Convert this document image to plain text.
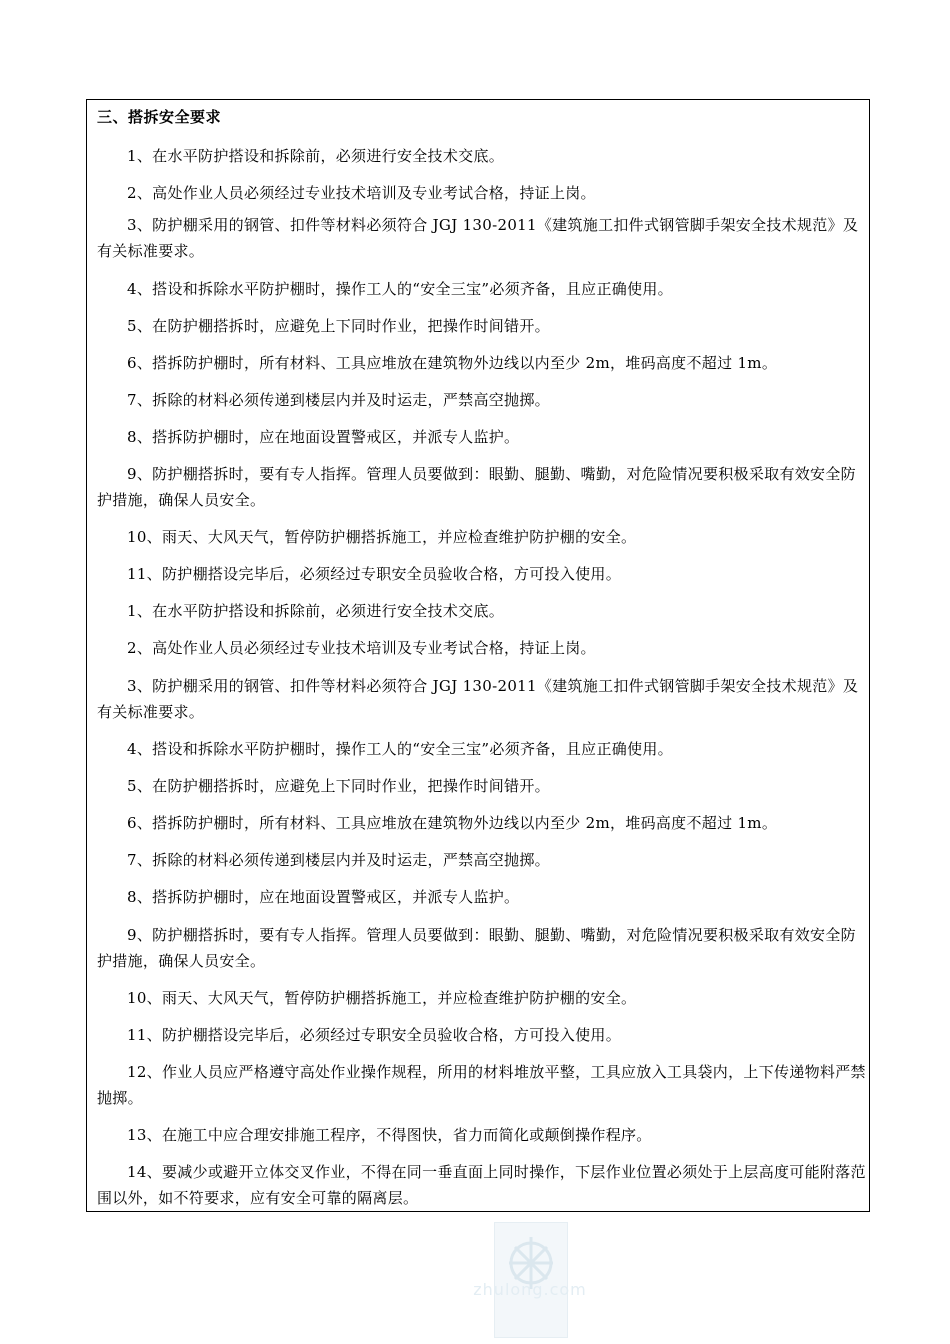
三、搭拆安全要求
1、在水平防护搭设和拆除前，必须进行安全技术交底。
2、高处作业人员必须经过专业技术培训及专业考试合格，持证上岗。
3、防护棚采用的钢管、扣件等材料必须符合 JGJ 130-2011《建筑施工扣件式钢管脚手架安全技术规范》及有关标准要求。
4、搭设和拆除水平防护棚时，操作工人的“安全三宝”必须齐备，且应正确使用。
5、在防护棚搭拆时，应避免上下同时作业，把操作时间错开。
6、搭拆防护棚时，所有材料、工具应堆放在建筑物外边线以内至少 2m，堆码高度不超过 1m。
7、拆除的材料必须传递到楼层内并及时运走，严禁高空抛掷。
8、搭拆防护棚时，应在地面设置警戒区，并派专人监护。
9、防护棚搭拆时，要有专人指挥。管理人员要做到：眼勤、腿勤、嘴勤，对危险情况要积极采取有效安全防护措施，确保人员安全。
10、雨天、大风天气，暂停防护棚搭拆施工，并应检查维护防护棚的安全。
11、防护棚搭设完毕后，必须经过专职安全员验收合格，方可投入使用。
1、在水平防护搭设和拆除前，必须进行安全技术交底。
2、高处作业人员必须经过专业技术培训及专业考试合格，持证上岗。
3、防护棚采用的钢管、扣件等材料必须符合 JGJ 130-2011《建筑施工扣件式钢管脚手架安全技术规范》及有关标准要求。
4、搭设和拆除水平防护棚时，操作工人的“安全三宝”必须齐备，且应正确使用。
5、在防护棚搭拆时，应避免上下同时作业，把操作时间错开。
6、搭拆防护棚时，所有材料、工具应堆放在建筑物外边线以内至少 2m，堆码高度不超过 1m。
7、拆除的材料必须传递到楼层内并及时运走，严禁高空抛掷。
8、搭拆防护棚时，应在地面设置警戒区，并派专人监护。
9、防护棚搭拆时，要有专人指挥。管理人员要做到：眼勤、腿勤、嘴勤，对危险情况要积极采取有效安全防护措施，确保人员安全。
10、雨天、大风天气，暂停防护棚搭拆施工，并应检查维护防护棚的安全。
11、防护棚搭设完毕后，必须经过专职安全员验收合格，方可投入使用。
12、作业人员应严格遵守高处作业操作规程，所用的材料堆放平整，工具应放入工具袋内，上下传递物料严禁抛掷。
13、在施工中应合理安排施工程序，不得图快，省力而简化或颠倒操作程序。
14、要减少或避开立体交叉作业，不得在同一垂直面上同时操作，下层作业位置必须处于上层高度可能附落范围以外，如不符要求，应有安全可靠的隔离层。
zhulong.com
